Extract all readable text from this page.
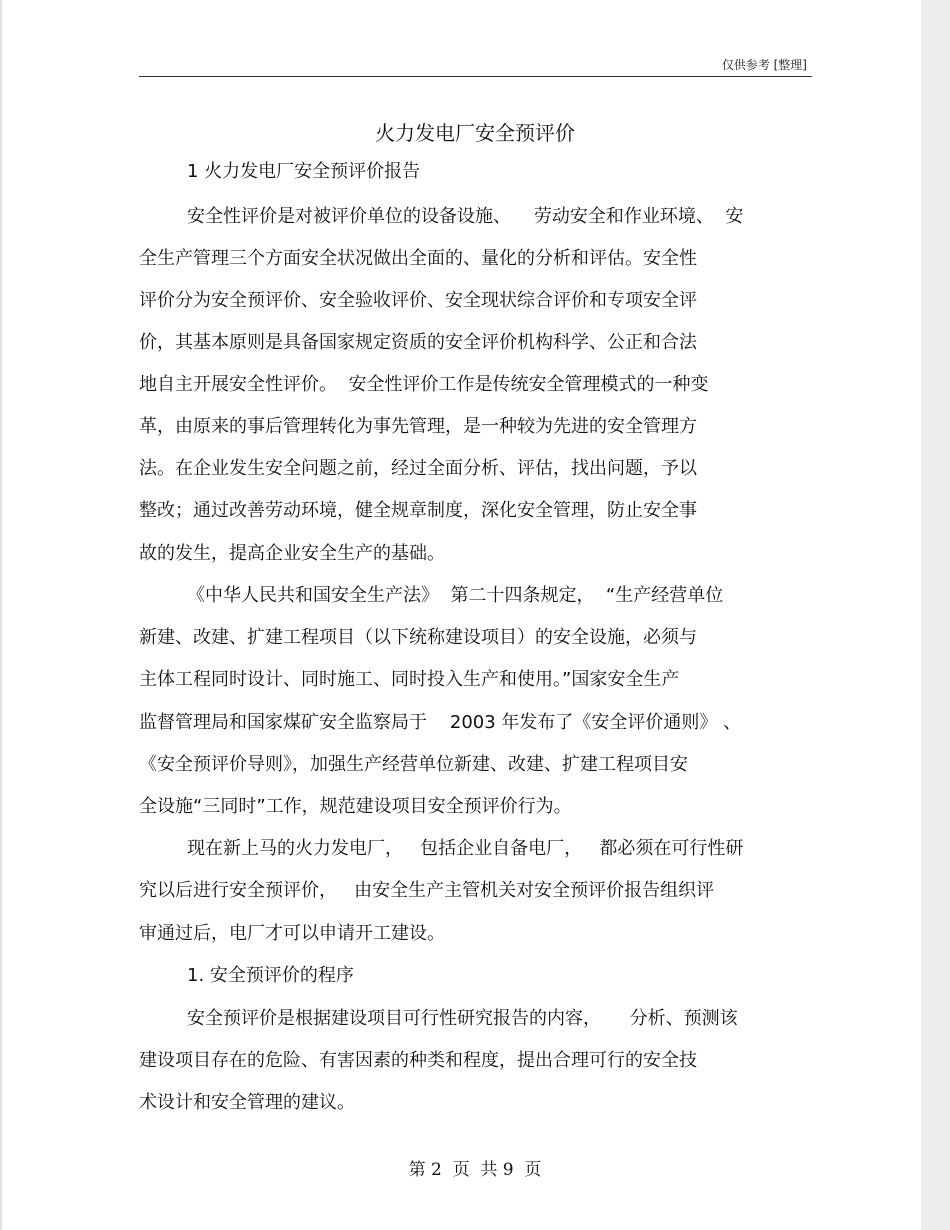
仅供参考 [整理]
火力发电厂安全预评价
1 火力发电厂安全预评价报告
安全性评价是对被评价单位的设备设施、    劳动安全和作业环境、  安
全生产管理三个方面安全状况做出全面的、量化的分析和评估。安全性
评价分为安全预评价、安全验收评价、安全现状综合评价和专项安全评
价，其基本原则是具备国家规定资质的安全评价机构科学、公正和合法
地自主开展安全性评价。  安全性评价工作是传统安全管理模式的一种变
革，由原来的事后管理转化为事先管理，是一种较为先进的安全管理方
法。在企业发生安全问题之前，经过全面分析、评估，找出问题，予以
整改；通过改善劳动环境，健全规章制度，深化安全管理，防止安全事
故的发生，提高企业安全生产的基础。
《中华人民共和国安全生产法》  第二十四条规定，  “生产经营单位
新建、改建、扩建工程项目（以下统称建设项目）的安全设施，必须与
主体工程同时设计、同时施工、同时投入生产和使用。”国家安全生产
监督管理局和国家煤矿安全监察局于    2003 年发布了《安全评价通则》 、
《安全预评价导则》，加强生产经营单位新建、改建、扩建工程项目安
全设施“三同时”工作，规范建设项目安全预评价行为。
现在新上马的火力发电厂，   包括企业自备电厂，   都必须在可行性研
究以后进行安全预评价，   由安全生产主管机关对安全预评价报告组织评
审通过后，电厂才可以申请开工建设。
1. 安全预评价的程序
安全预评价是根据建设项目可行性研究报告的内容，     分析、预测该
建设项目存在的危险、有害因素的种类和程度，提出合理可行的安全技
术设计和安全管理的建议。
第 2  页  共 9  页
